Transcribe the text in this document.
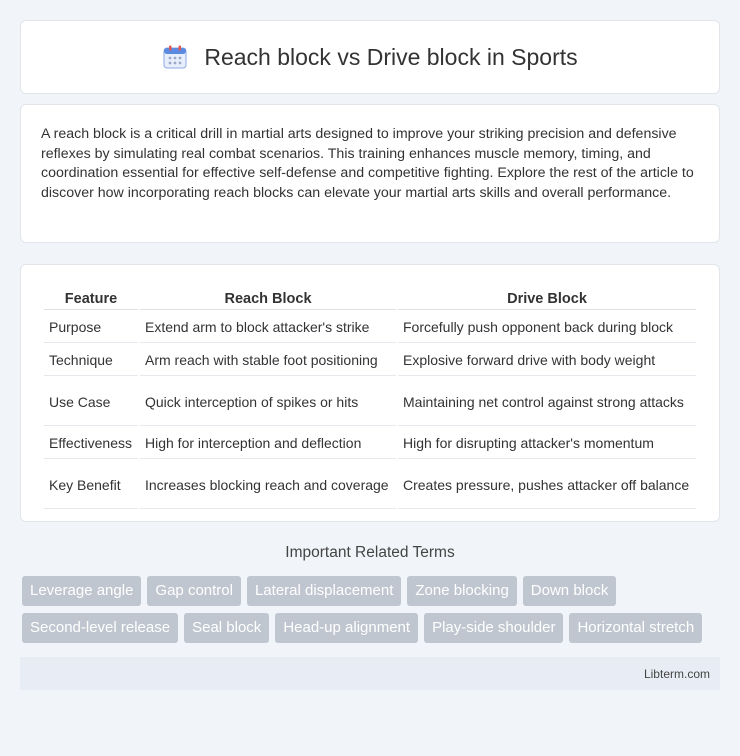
Reach block vs Drive block in Sports

A reach block is a critical drill in martial arts designed to improve your striking precision and defensive reflexes by simulating real combat scenarios. This training enhances muscle memory, timing, and coordination essential for effective self-defense and competitive fighting. Explore the rest of the article to discover how incorporating reach blocks can elevate your martial arts skills and overall performance.

Feature	Reach Block	Drive Block
Purpose	Extend arm to block attacker's strike	Forcefully push opponent back during block
Technique	Arm reach with stable foot positioning	Explosive forward drive with body weight
Use Case	Quick interception of spikes or hits	Maintaining net control against strong attacks
Effectiveness	High for interception and deflection	High for disrupting attacker's momentum
Key Benefit	Increases blocking reach and coverage	Creates pressure, pushes attacker off balance
Important Related Terms
Leverage angle	Gap control	Lateral displacement	Zone blocking	Down block
Second-level release	Seal block	Head-up alignment	Play-side shoulder	Horizontal stretch
Libterm.com
